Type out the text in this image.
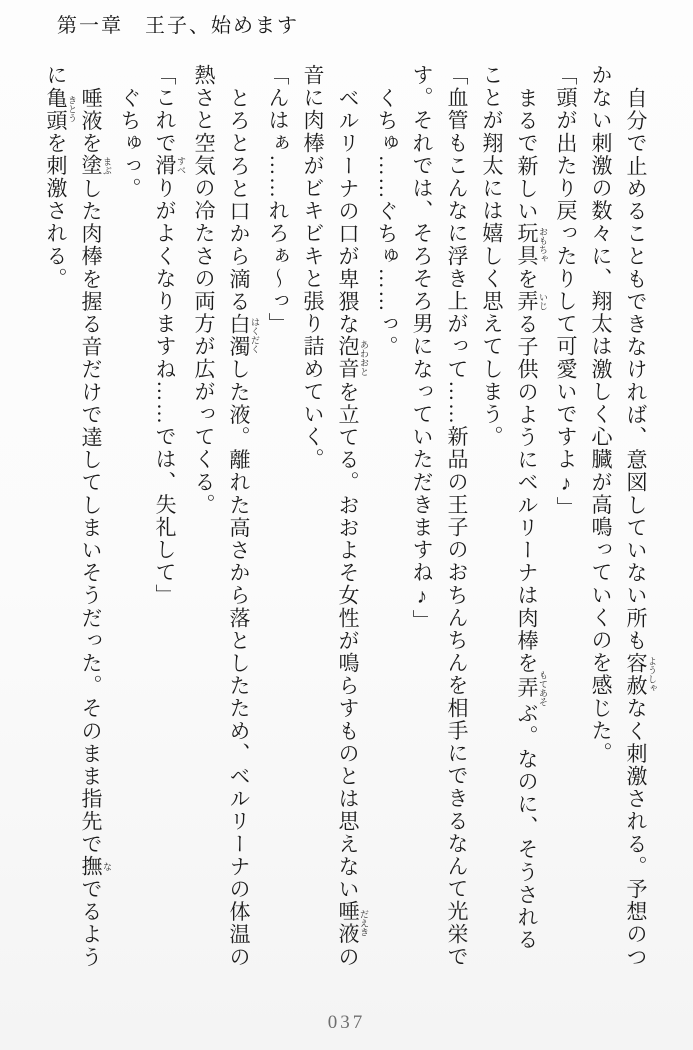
第一章　王子、始めます

自分で止めることもできなければ、意図していない所も容赦 ようしゃなく刺激される。予想のつかない刺激の数々に、翔太は激しく心臓が高鳴っていくのを感じた。

「頭が出たり戻ったりして可愛いですよ♪」

まるで新しい玩具 おもちゃを弄 いじる子供のようにベルリーナは肉棒を弄 もてあそぶ。なのに、そうされることが翔太には嬉しく思えてしまう。

「血管もこんなに浮き上がって……新品の王子のおちんちんを相手にできるなんて光栄です。それでは、そろそろ男になっていただきますね♪」

くちゅ……ぐちゅ……っ。

ベルリーナの口が卑猥な泡音 あわおとを立てる。おおよそ女性が鳴らすものとは思えない唾液 だえきの音に肉棒がビキビキと張り詰めていく。

「んはぁ……れろぁ〜っ」

とろとろと口から滴る白濁 はくだくした液。離れた高さから落としたため、ベルリーナの体温の熱さと空気の冷たさの両方が広がってくる。

「これで滑 すべりがよくなりますね……では、失礼して」

ぐちゅっ。

唾液を塗 まぶした肉棒を握る音だけで達してしまいそうだった。そのまま指先で撫 なでるように亀頭 きとうを刺激される。

037
